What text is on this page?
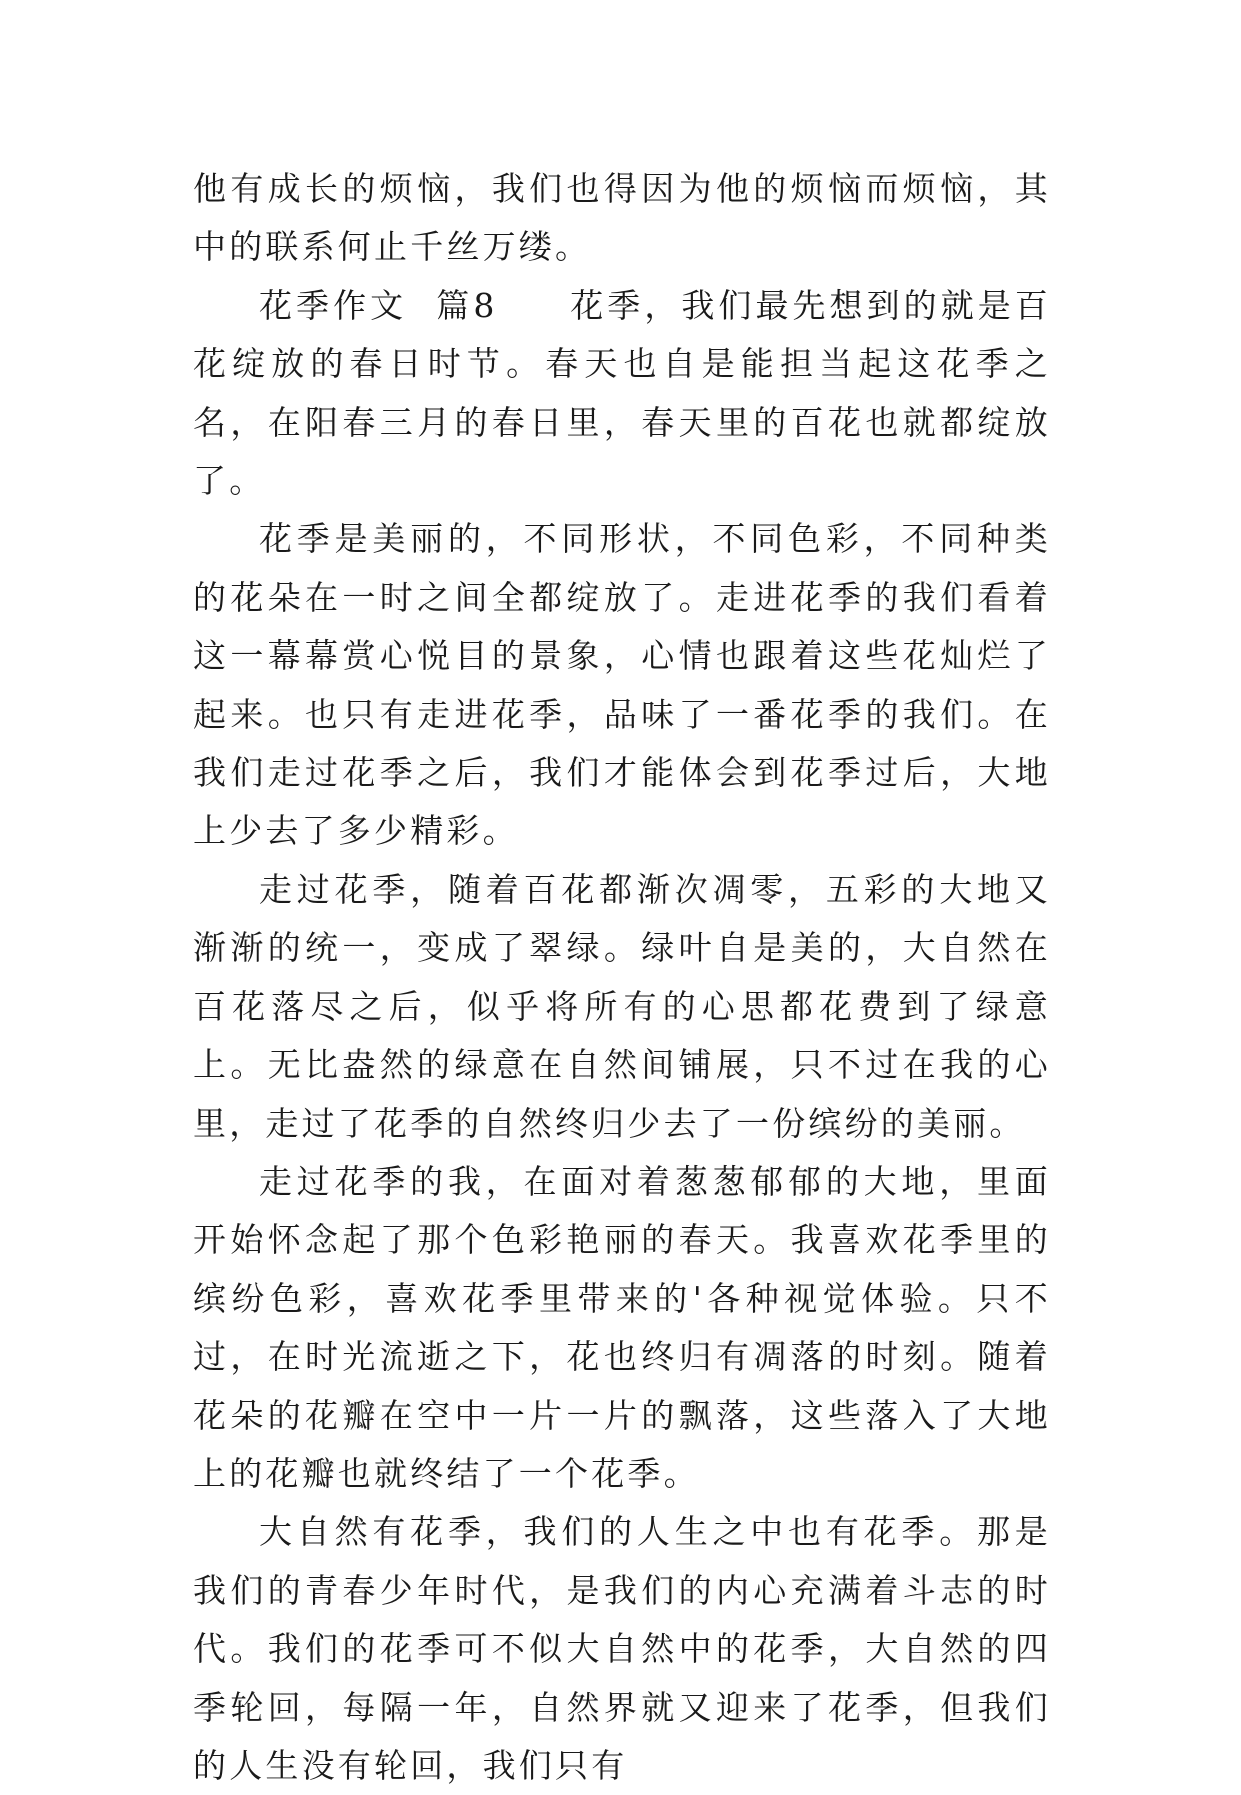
他有成长的烦恼，我们也得因为他的烦恼而烦恼，其中的联系何止千丝万缕。

花季作文  篇8 花季，我们最先想到的就是百花绽放的春日时节。春天也自是能担当起这花季之名，在阳春三月的春日里，春天里的百花也就都绽放了。

花季是美丽的，不同形状，不同色彩，不同种类的花朵在一时之间全都绽放了。走进花季的我们看着这一幕幕赏心悦目的景象，心情也跟着这些花灿烂了起来。也只有走进花季，品味了一番花季的我们。在我们走过花季之后，我们才能体会到花季过后，大地上少去了多少精彩。

走过花季，随着百花都渐次凋零，五彩的大地又渐渐的统一，变成了翠绿。绿叶自是美的，大自然在百花落尽之后，似乎将所有的心思都花费到了绿意上。无比盎然的绿意在自然间铺展，只不过在我的心里，走过了花季的自然终归少去了一份缤纷的美丽。

走过花季的我，在面对着葱葱郁郁的大地，里面开始怀念起了那个色彩艳丽的春天。我喜欢花季里的缤纷色彩，喜欢花季里带来的'各种视觉体验。只不过，在时光流逝之下，花也终归有凋落的时刻。随着花朵的花瓣在空中一片一片的飘落，这些落入了大地上的花瓣也就终结了一个花季。

大自然有花季，我们的人生之中也有花季。那是我们的青春少年时代，是我们的内心充满着斗志的时代。我们的花季可不似大自然中的花季，大自然的四季轮回，每隔一年，自然界就又迎来了花季，但我们的人生没有轮回，我们只有
